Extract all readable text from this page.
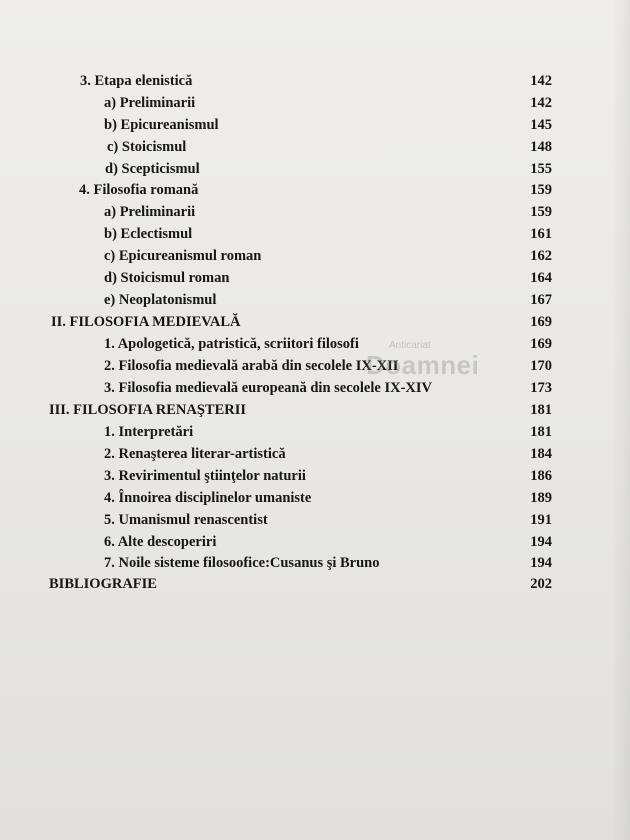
3. Etapa elenistică	142
a) Preliminarii	142
b) Epicureanismul	145
c) Stoicismul	148
d) Scepticismul	155
4. Filosofia romană	159
a) Preliminarii	159
b) Eclectismul	161
c) Epicureanismul roman	162
d) Stoicismul roman	164
e) Neoplatonismul	167
II. FILOSOFIA MEDIEVALĂ	169
1. Apologetică, patristică, scriitori filosofi	169
2. Filosofia medievală arabă din secolele IX-XII	170
3. Filosofia medievală europeană din secolele IX-XIV	173
III. FILOSOFIA RENAŞTERII	181
1. Interpretări	181
2. Renaşterea literar-artistică	184
3. Revirimentul ştiinţelor naturii	186
4. Înnoirea disciplinelor umaniste	189
5. Umanismul renascentist	191
6. Alte descoperiri	194
7. Noile sisteme filosoofice:Cusanus şi Bruno	194
BIBLIOGRAFIE	202
Anticariat
Doamnei
